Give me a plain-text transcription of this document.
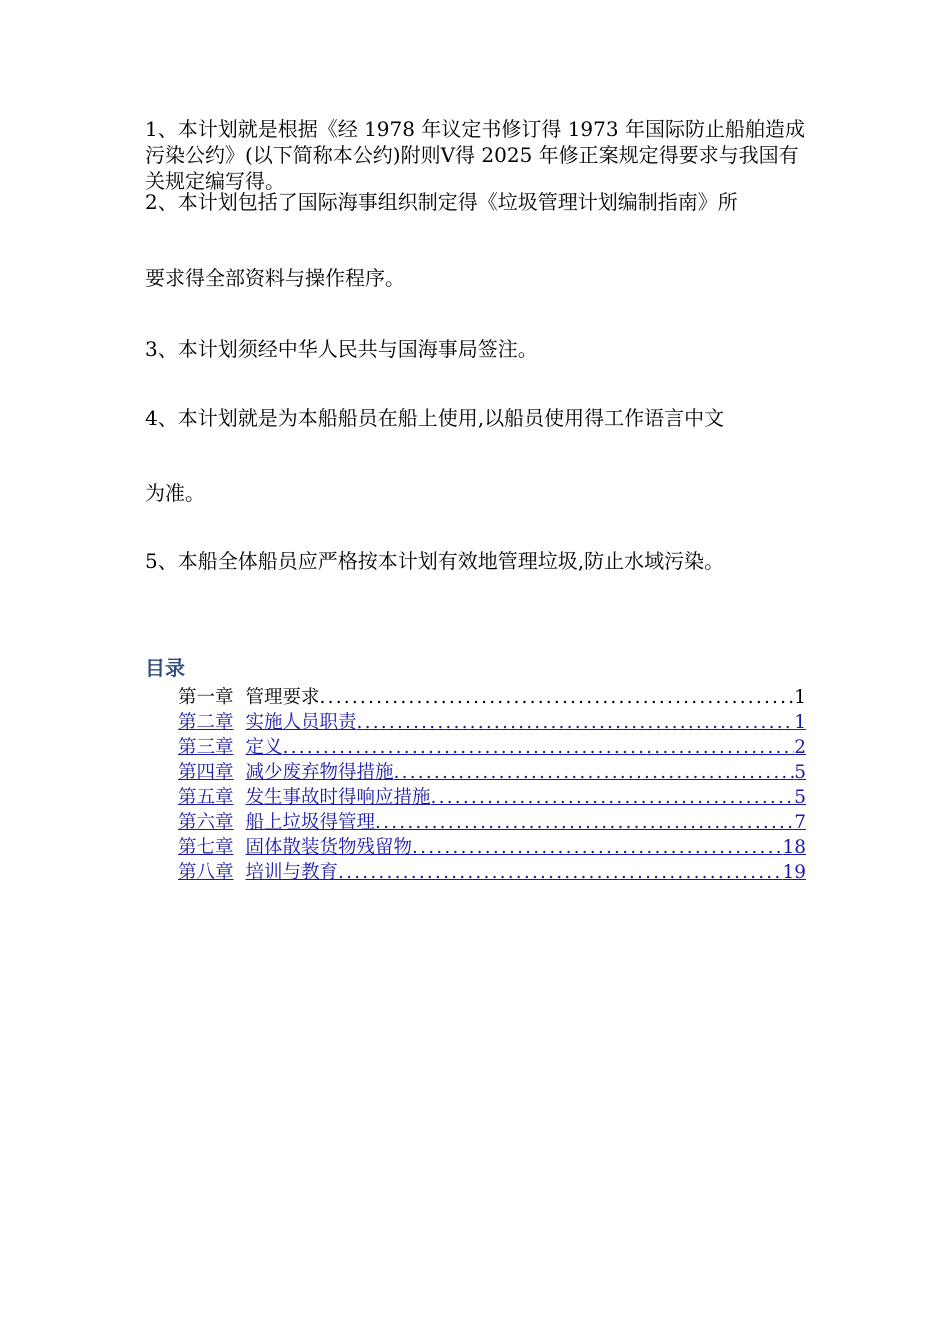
1、本计划就是根据《经 1978 年议定书修订得 1973 年国际防止船舶造成污染公约》(以下简称本公约)附则Ⅴ得 2025 年修正案规定得要求与我国有关规定编写得。
2、本计划包括了国际海事组织制定得《垃圾管理计划编制指南》所
要求得全部资料与操作程序。
3、本计划须经中华人民共与国海事局签注。
4、本计划就是为本船船员在船上使用,以船员使用得工作语言中文
为准。
5、本船全体船员应严格按本计划有效地管理垃圾,防止水域污染。
目录
第一章 管理要求 .....	1
第二章 实施人员职责 .....	1
第三章 定义 .....	2
第四章 减少废弃物得措施 .....	5
第五章 发生事故时得响应措施 .....	5
第六章 船上垃圾得管理 .....	7
第七章 固体散装货物残留物 .....	18
第八章 培训与教育 .....	19
